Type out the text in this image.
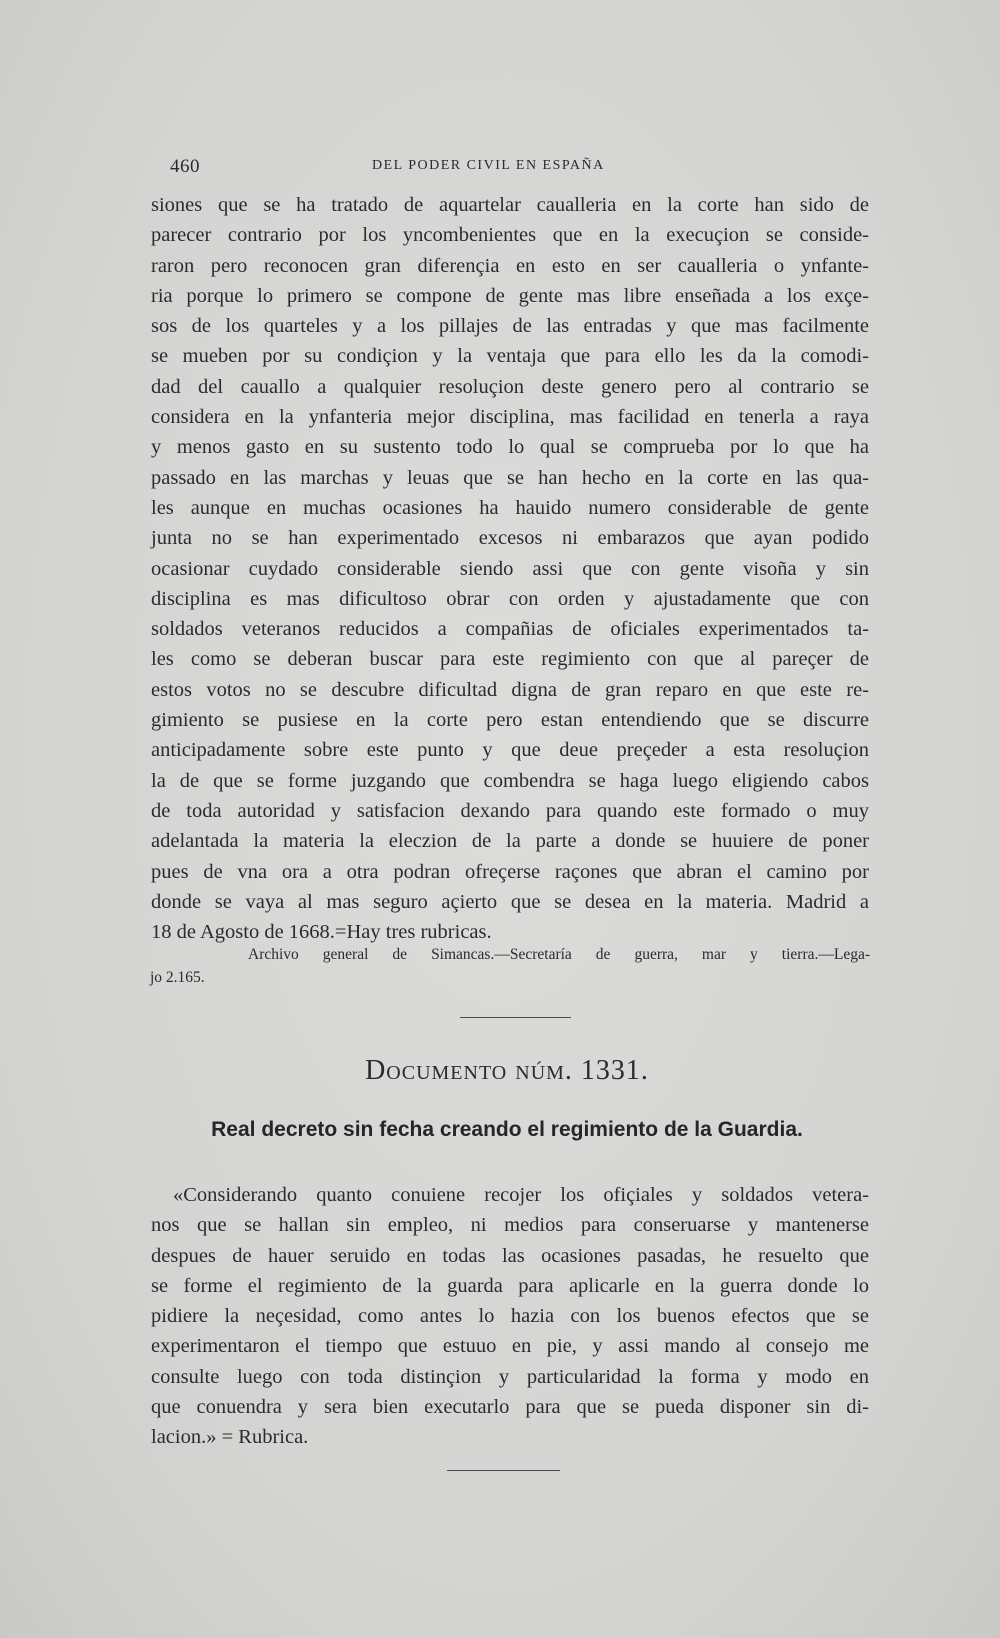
460	DEL PODER CIVIL EN ESPAÑA
siones que se ha tratado de aquartelar caualleria en la corte han sido de
parecer contrario por los yncombenientes que en la execuçion se conside-
raron pero reconocen gran diferençia en esto en ser caualleria o ynfante-
ria porque lo primero se compone de gente mas libre enseñada a los exçe-
sos de los quarteles y a los pillajes de las entradas y que mas facilmente
se mueben por su condiçion y la ventaja que para ello les da la comodi-
dad del cauallo a qualquier resoluçion deste genero pero al contrario se
considera en la ynfanteria mejor disciplina, mas facilidad en tenerla a raya
y menos gasto en su sustento todo lo qual se comprueba por lo que ha
passado en las marchas y leuas que se han hecho en la corte en las qua-
les aunque en muchas ocasiones ha hauido numero considerable de gente
junta no se han experimentado excesos ni embarazos que ayan podido
ocasionar cuydado considerable siendo assi que con gente visoña y sin
disciplina es mas dificultoso obrar con orden y ajustadamente que con
soldados veteranos reducidos a compañias de oficiales experimentados ta-
les como se deberan buscar para este regimiento con que al pareçer de
estos votos no se descubre dificultad digna de gran reparo en que este re-
gimiento se pusiese en la corte pero estan entendiendo que se discurre
anticipadamente sobre este punto y que deue preçeder a esta resoluçion
la de que se forme juzgando que combendra se haga luego eligiendo cabos
de toda autoridad y satisfacion dexando para quando este formado o muy
adelantada la materia la eleczion de la parte a donde se huuiere de poner
pues de vna ora a otra podran ofreçerse raçones que abran el camino por
donde se vaya al mas seguro açierto que se desea en la materia. Madrid a
18 de Agosto de 1668.=Hay tres rubricas.
Archivo general de Simancas.—Secretaría de guerra, mar y tierra.—Lega-
jo 2.165.
Documento núm. 1331.
Real decreto sin fecha creando el regimiento de la Guardia.
«Considerando quanto conuiene recojer los ofiçiales y soldados vetera-
nos que se hallan sin empleo, ni medios para conseruarse y mantenerse
despues de hauer seruido en todas las ocasiones pasadas, he resuelto que
se forme el regimiento de la guarda para aplicarle en la guerra donde lo
pidiere la neçesidad, como antes lo hazia con los buenos efectos que se
experimentaron el tiempo que estuuo en pie, y assi mando al consejo me
consulte luego con toda distinçion y particularidad la forma y modo en
que conuendra y sera bien executarlo para que se pueda disponer sin di-
lacion.» = Rubrica.
